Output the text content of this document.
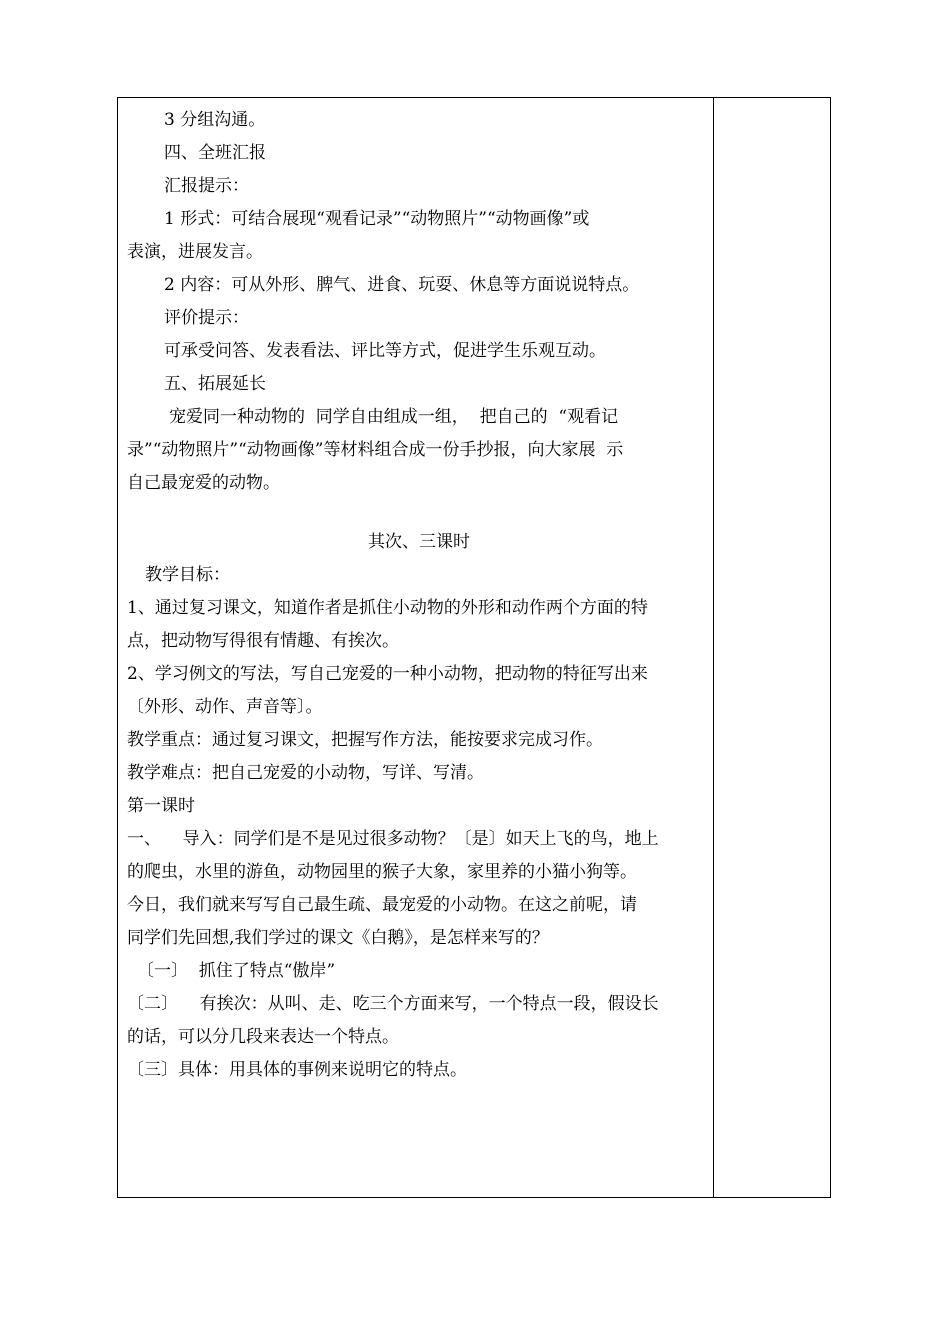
3 分组沟通。
四、全班汇报
汇报提示：
1 形式：可结合展现“观看记录”“动物照片”“动物画像”或
表演，进展发言。
2 内容：可从外形、脾气、进食、玩耍、休息等方面说说特点。
评价提示：
可承受问答、发表看法、评比等方式，促进学生乐观互动。
五、拓展延长
宠爱同一种动物的  同学自由组成一组，  把自己的  “观看记
录”“动物照片”“动物画像”等材料组合成一份手抄报，向大家展  示
自己最宠爱的动物。
其次、三课时
教学目标：
1、通过复习课文，知道作者是抓住小动物的外形和动作两个方面的特
点，把动物写得很有情趣、有挨次。
2、学习例文的写法，写自己宠爱的一种小动物，把动物的特征写出来
〔外形、动作、声音等〕。
教学重点：通过复习课文，把握写作方法，能按要求完成习作。
教学难点：把自己宠爱的小动物，写详、写清。
第一课时
一、    导入：同学们是不是见过很多动物？〔是〕如天上飞的鸟，地上
的爬虫，水里的游鱼，动物园里的猴子大象，家里养的小猫小狗等。
今日，我们就来写写自己最生疏、最宠爱的小动物。在这之前呢，请
同学们先回想,我们学过的课文《白鹅》，是怎样来写的？
〔一〕  抓住了特点“傲岸”
〔二〕    有挨次：从叫、走、吃三个方面来写，一个特点一段，假设长
的话，可以分几段来表达一个特点。
〔三〕具体：用具体的事例来说明它的特点。
